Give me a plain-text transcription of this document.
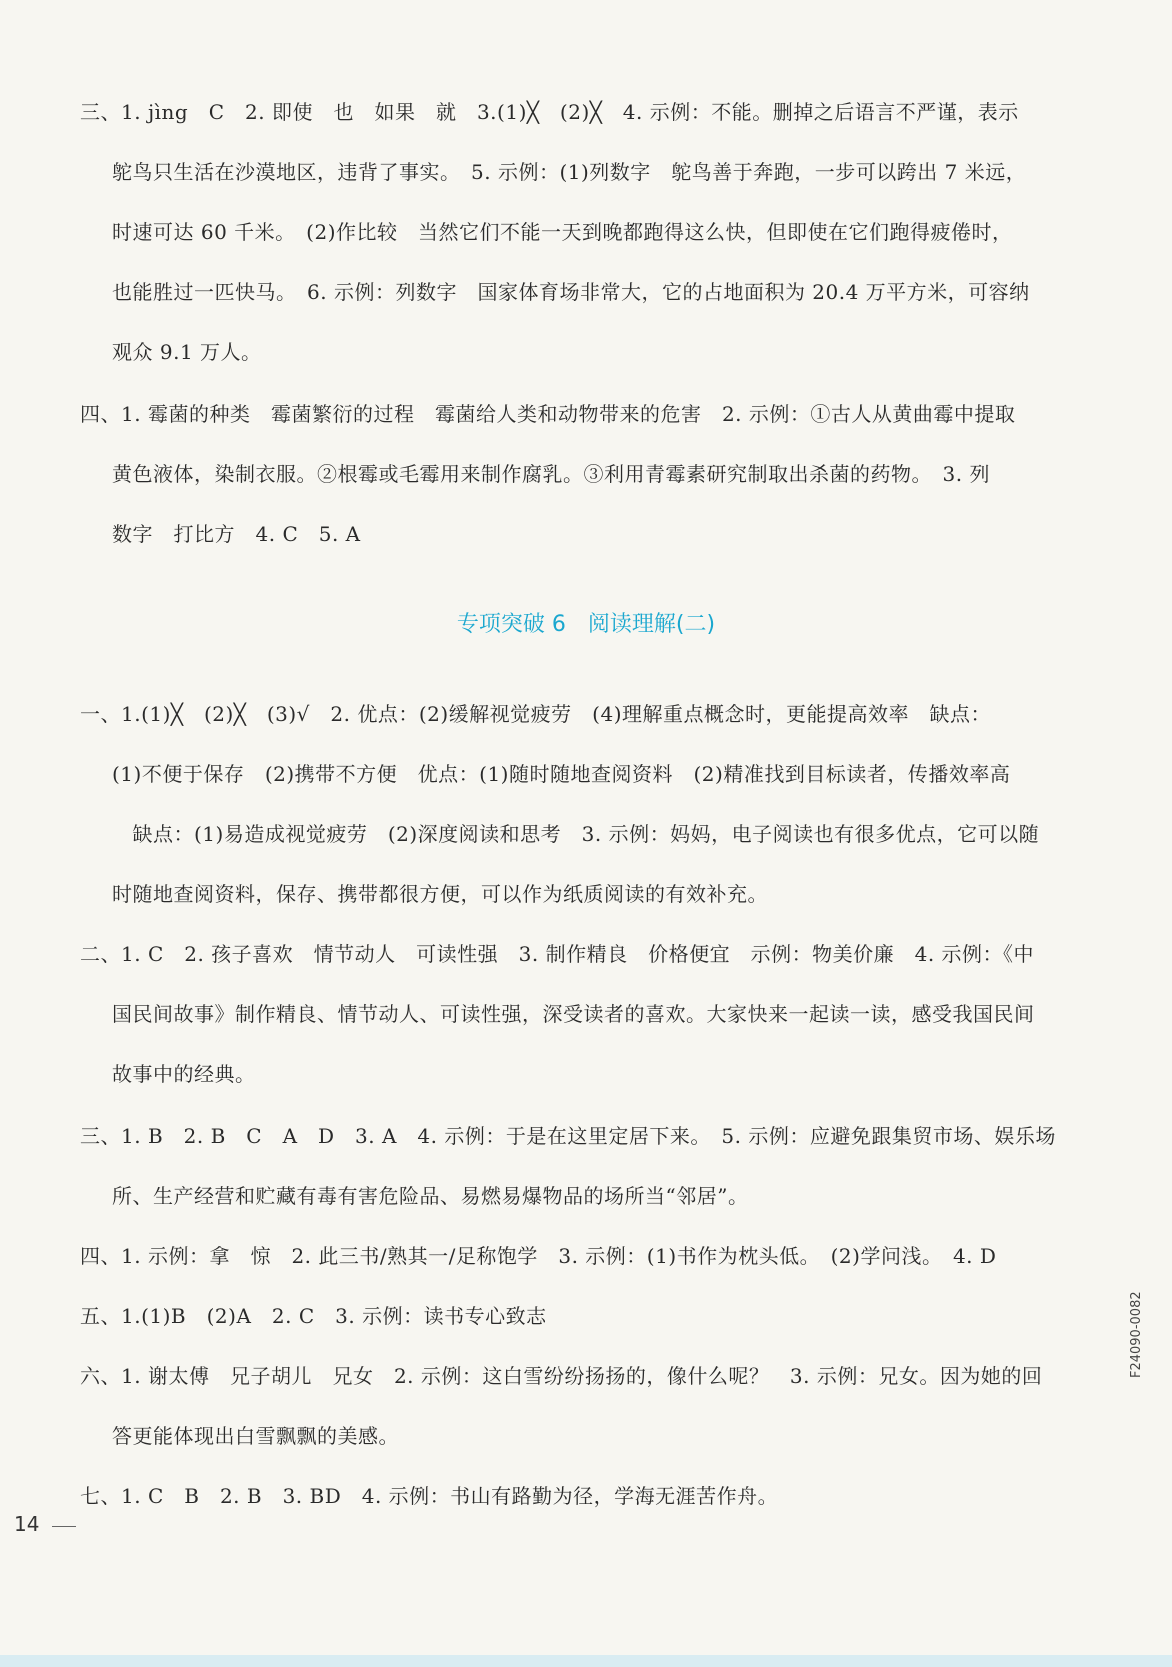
三、1. jìng　C　2. 即使　也　如果　就　3.(1)╳　(2)╳　4. 示例：不能。删掉之后语言不严谨，表示
鸵鸟只生活在沙漠地区，违背了事实。　5. 示例：(1)列数字　鸵鸟善于奔跑，一步可以跨出 7 米远，
时速可达 60 千米。　(2)作比较　当然它们不能一天到晚都跑得这么快，但即使在它们跑得疲倦时，
也能胜过一匹快马。　6. 示例：列数字　国家体育场非常大，它的占地面积为 20.4 万平方米，可容纳
观众 9.1 万人。
四、1. 霉菌的种类　霉菌繁衍的过程　霉菌给人类和动物带来的危害　2. 示例：①古人从黄曲霉中提取
黄色液体，染制衣服。②根霉或毛霉用来制作腐乳。③利用青霉素研究制取出杀菌的药物。　3. 列
数字　打比方　4. C　5. A
专项突破 6　阅读理解(二)
一、1.(1)╳　(2)╳　(3)√　2. 优点：(2)缓解视觉疲劳　(4)理解重点概念时，更能提高效率　缺点：
(1)不便于保存　(2)携带不方便　优点：(1)随时随地查阅资料　(2)精准找到目标读者，传播效率高
　缺点：(1)易造成视觉疲劳　(2)深度阅读和思考　3. 示例：妈妈，电子阅读也有很多优点，它可以随
时随地查阅资料，保存、携带都很方便，可以作为纸质阅读的有效补充。
二、1. C　2. 孩子喜欢　情节动人　可读性强　3. 制作精良　价格便宜　示例：物美价廉　4. 示例：《中
国民间故事》制作精良、情节动人、可读性强，深受读者的喜欢。大家快来一起读一读，感受我国民间
故事中的经典。
三、1. B　2. B　C　A　D　3. A　4. 示例：于是在这里定居下来。　5. 示例：应避免跟集贸市场、娱乐场
所、生产经营和贮藏有毒有害危险品、易燃易爆物品的场所当“邻居”。
四、1. 示例：拿　惊　2. 此三书/熟其一/足称饱学　3. 示例：(1)书作为枕头低。　(2)学问浅。　4. D
五、1.(1)B　(2)A　2. C　3. 示例：读书专心致志
六、1. 谢太傅　兄子胡儿　兄女　2. 示例：这白雪纷纷扬扬的，像什么呢？　3. 示例：兄女。因为她的回
答更能体现出白雪飘飘的美感。
七、1. C　B　2. B　3. BD　4. 示例：书山有路勤为径，学海无涯苦作舟。
F24090-0082
14
